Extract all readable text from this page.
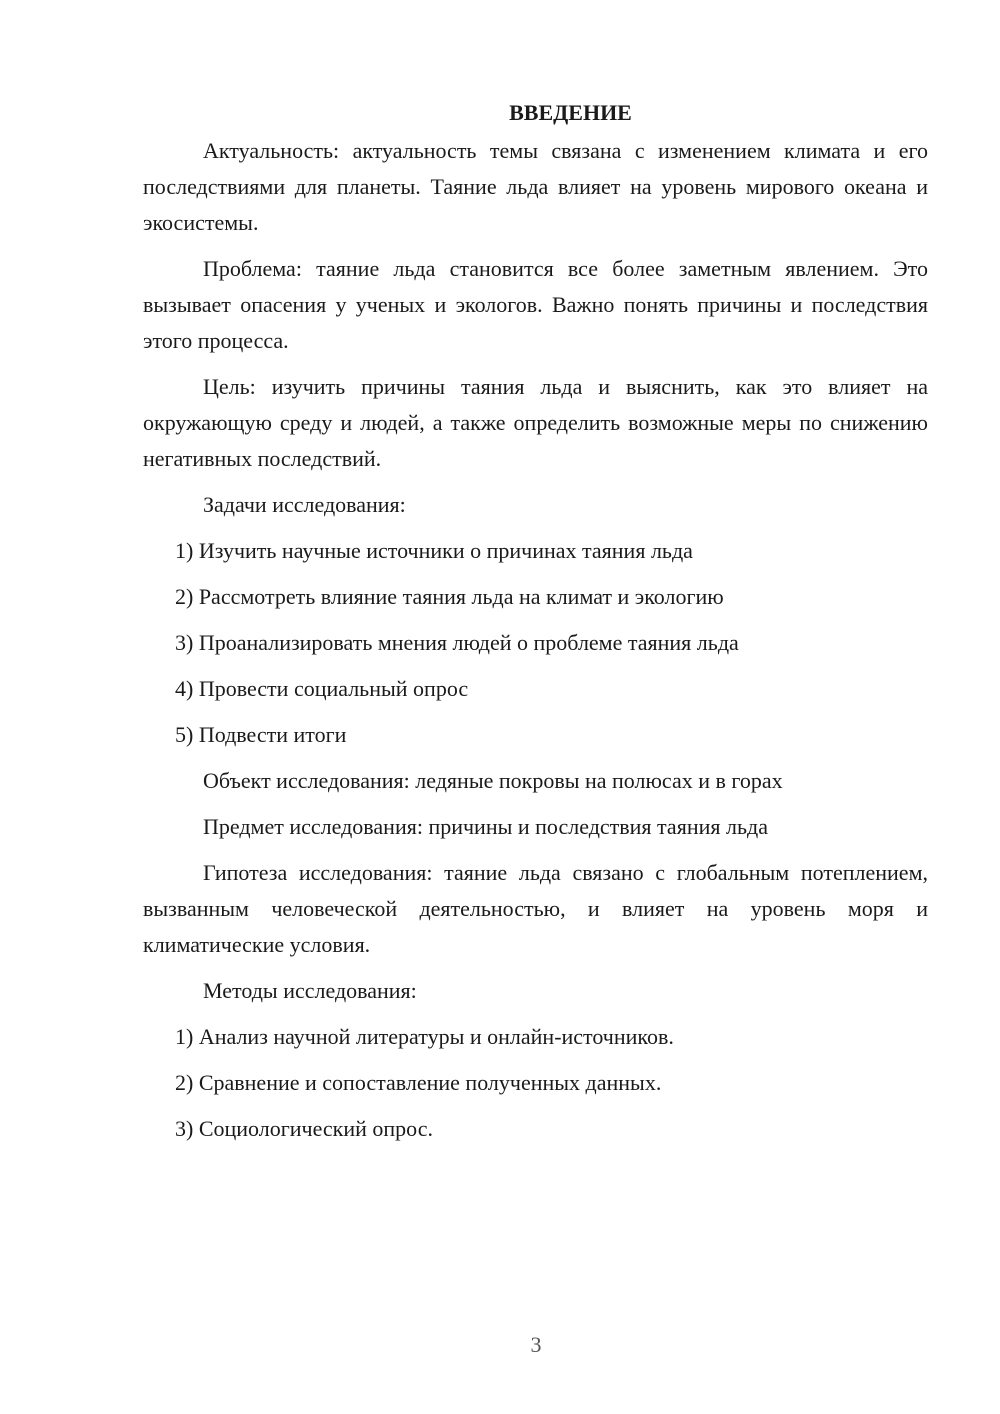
ВВЕДЕНИЕ

Актуальность: актуальность темы связана с изменением климата и его последствиями для планеты. Таяние льда влияет на уровень мирового океана и экосистемы.

Проблема: таяние льда становится все более заметным явлением. Это вызывает опасения у ученых и экологов. Важно понять причины и последствия этого процесса.

Цель: изучить причины таяния льда и выяснить, как это влияет на окружающую среду и людей, а также определить возможные меры по снижению негативных последствий.

Задачи исследования:

1) Изучить научные источники о причинах таяния льда

2) Рассмотреть влияние таяния льда на климат и экологию

3) Проанализировать мнения людей о проблеме таяния льда

4) Провести социальный опрос

5) Подвести итоги

Объект исследования: ледяные покровы на полюсах и в горах

Предмет исследования: причины и последствия таяния льда

Гипотеза исследования: таяние льда связано с глобальным потеплением, вызванным человеческой деятельностью, и влияет на уровень моря и климатические условия.

Методы исследования:

1) Анализ научной литературы и онлайн-источников.

2) Сравнение и сопоставление полученных данных.

3) Социологический опрос.

3
